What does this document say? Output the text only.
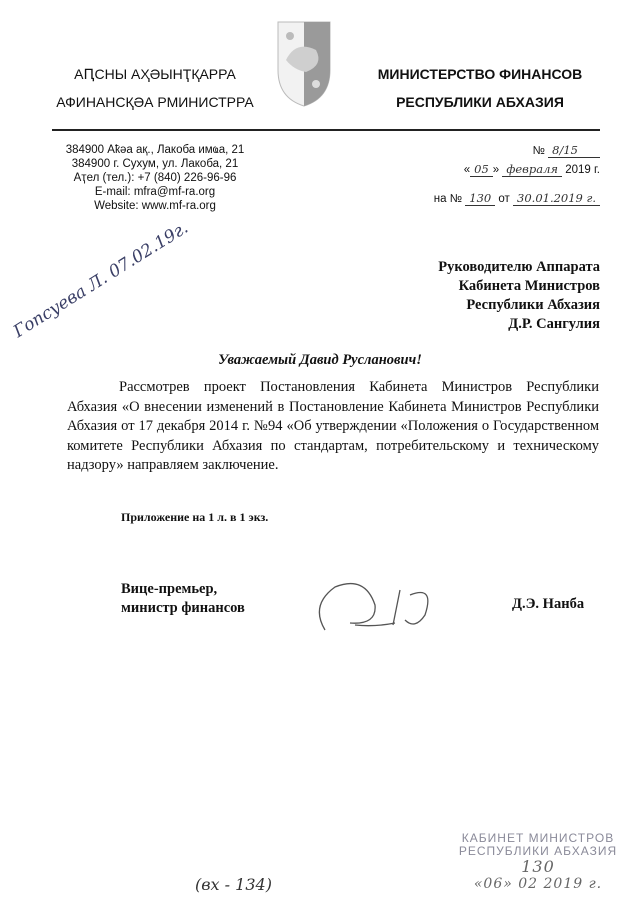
АԤСНЫ АҲӘЫНҬҚАРРА
АФИНАНСҚӘА РМИНИСТРРА
МИНИСТЕРСТВО ФИНАНСОВ
РЕСПУБЛИКИ АБХАЗИЯ
384900 Аҟәа ақ., Лакоба имҩа, 21
384900 г. Сухум, ул. Лакоба, 21
Аҭел (тел.): +7 (840) 226-96-96
E-mail: mfra@mf-ra.org
Website: www.mf-ra.org
№ 8/15
« 05 » февраля 2019 г.
на № 130 от 30.01.2019 г.
Гопсуева Л. 07.02.19г.	Руководителю Аппарата
Кабинета Министров
Республики Абхазия
Д.Р. Сангулия
Уважаемый Давид Русланович!
Рассмотрев проект Постановления Кабинета Министров Республики Абхазия «О внесении изменений в Постановление Кабинета Министров Республики Абхазия от 17 декабря 2014 г. №94 «Об утверждении «Положения о Государственном комитете Республики Абхазия по стандартам, потребительскому и техническому надзору» направляем заключение.
Приложение на 1 л. в 1 экз.
Вице-премьер,
министр финансов	Д.Э. Нанба
(вх - 134)
КАБИНЕТ МИНИСТРОВ
РЕСПУБЛИКИ АБХАЗИЯ
130
«06» 02 2019 г.
